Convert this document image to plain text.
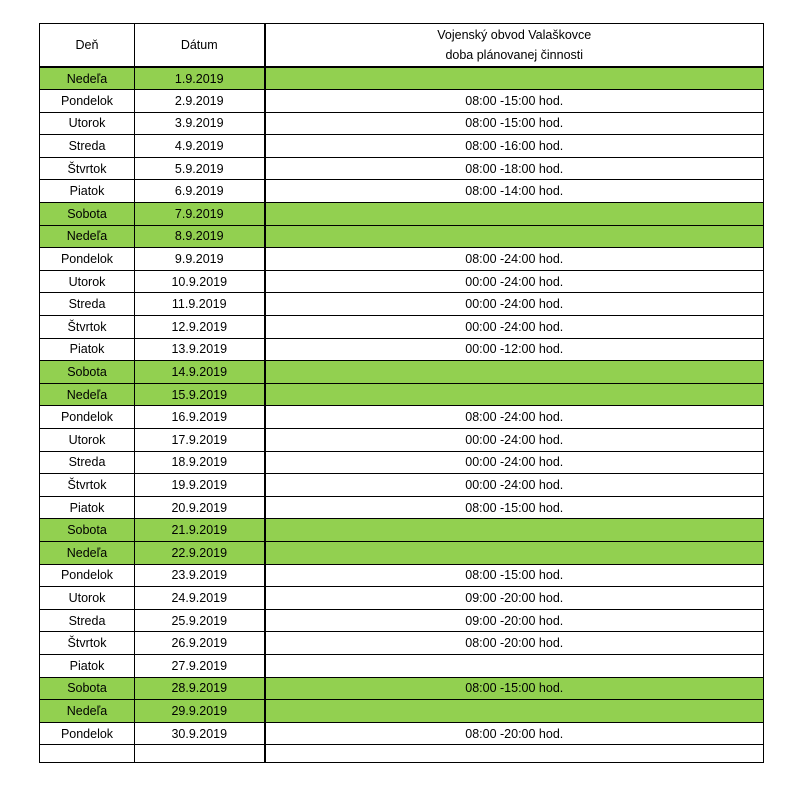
Deň	Dátum	Vojenský obvod Valaškovce
doba plánovanej činnosti

Nedeľa	1.9.2019	
Pondelok	2.9.2019	08:00 -15:00 hod.
Utorok	3.9.2019	08:00 -15:00 hod.
Streda	4.9.2019	08:00 -16:00 hod.
Štvrtok	5.9.2019	08:00 -18:00 hod.
Piatok	6.9.2019	08:00 -14:00 hod.
Sobota	7.9.2019	
Nedeľa	8.9.2019	
Pondelok	9.9.2019	08:00 -24:00 hod.
Utorok	10.9.2019	00:00 -24:00 hod.
Streda	11.9.2019	00:00 -24:00 hod.
Štvrtok	12.9.2019	00:00 -24:00 hod.
Piatok	13.9.2019	00:00 -12:00 hod.
Sobota	14.9.2019	
Nedeľa	15.9.2019	
Pondelok	16.9.2019	08:00 -24:00 hod.
Utorok	17.9.2019	00:00 -24:00 hod.
Streda	18.9.2019	00:00 -24:00 hod.
Štvrtok	19.9.2019	00:00 -24:00 hod.
Piatok	20.9.2019	08:00 -15:00 hod.
Sobota	21.9.2019	
Nedeľa	22.9.2019	
Pondelok	23.9.2019	08:00 -15:00 hod.
Utorok	24.9.2019	09:00 -20:00 hod.
Streda	25.9.2019	09:00 -20:00 hod.
Štvrtok	26.9.2019	08:00 -20:00 hod.
Piatok	27.9.2019	
Sobota	28.9.2019	08:00 -15:00 hod.
Nedeľa	29.9.2019	
Pondelok	30.9.2019	08:00 -20:00 hod.
